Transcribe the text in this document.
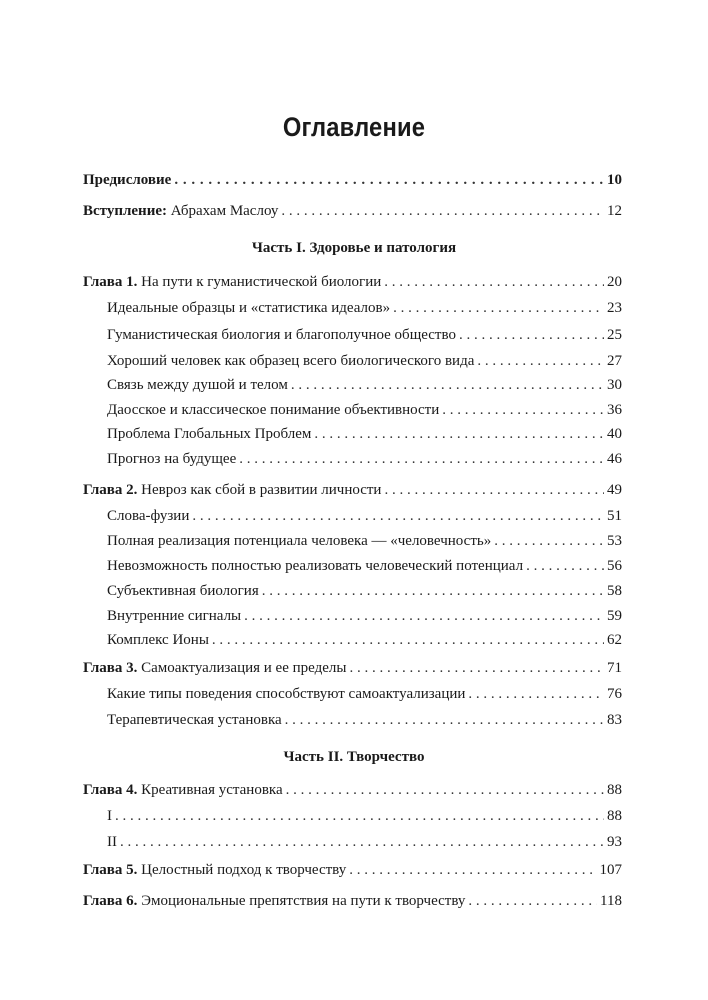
Оглавление
Предисловие . . .	10
Вступление: Абрахам Маслоу . . .	12
Часть I. Здоровье и патология
Глава 1. На пути к гуманистической биологии . . .	20
Идеальные образцы и «статистика идеалов» . . .	23
Гуманистическая биология и благополучное общество . . .	25
Хороший человек как образец всего биологического вида . . .	27
Связь между душой и телом . . .	30
Даосское и классическое понимание объективности . . .	36
Проблема Глобальных Проблем . . .	40
Прогноз на будущее . . .	46
Глава 2. Невроз как сбой в развитии личности . . .	49
Слова-фузии . . .	51
Полная реализация потенциала человека — «человечность» . . .	53
Невозможность полностью реализовать человеческий потенциал . . .	56
Субъективная биология . . .	58
Внутренние сигналы . . .	59
Комплекс Ионы . . .	62
Глава 3. Самоактуализация и ее пределы . . .	71
Какие типы поведения способствуют самоактуализации . . .	76
Терапевтическая установка . . .	83
Часть II. Творчество
Глава 4. Креативная установка . . .	88
I . . .	88
II . . .	93
Глава 5. Целостный подход к творчеству . . .	107
Глава 6. Эмоциональные препятствия на пути к творчеству . . .	118
